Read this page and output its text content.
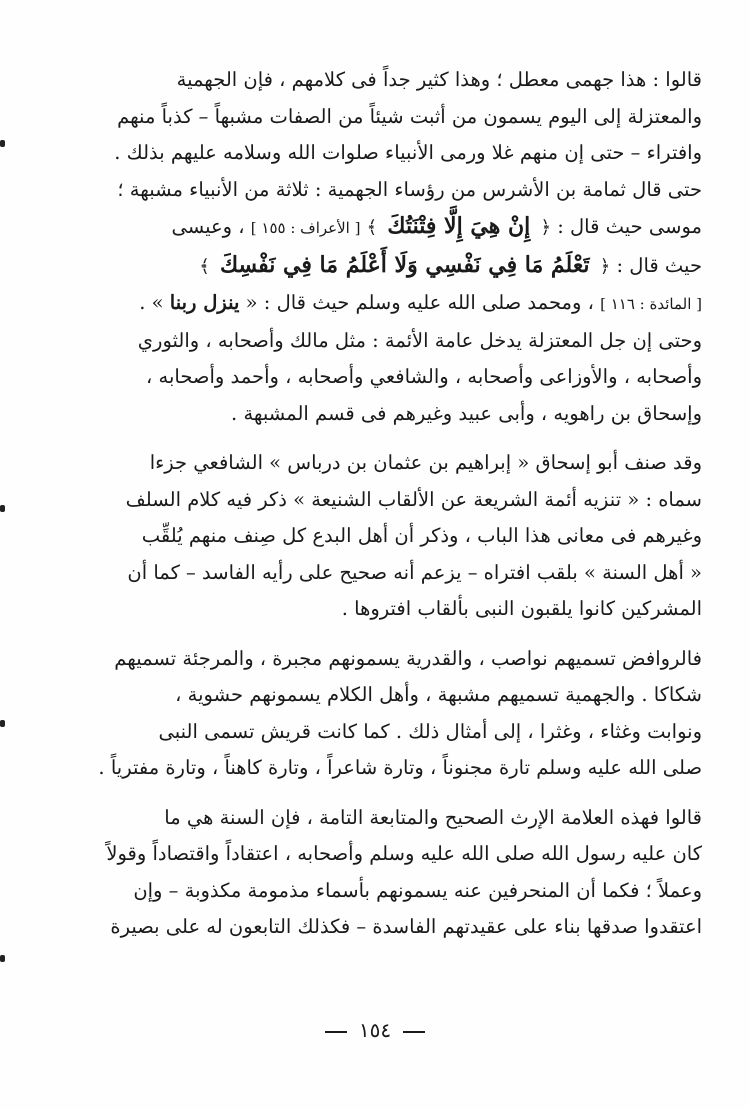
قالوا : هذا جهمى معطل ؛ وهذا كثير جداً فى كلامهم ، فإن الجهمية
والمعتزلة إلى اليوم يسمون من أثبت شيئاً من الصفات مشبهاً – كذباً منهم
وافتراء – حتى إن منهم غلا ورمى الأنبياء صلوات الله وسلامه عليهم بذلك .
حتى قال ثمامة بن الأشرس من رؤساء الجهمية : ثلاثة من الأنبياء مشبهة ؛
موسى حيث قال : ﴿ إِنْ هِيَ إِلَّا فِتْنَتُكَ ﴾ [ الأعراف : ١٥٥ ] ، وعيسى
حيث قال : ﴿ تَعْلَمُ مَا فِي نَفْسِي وَلَا أَعْلَمُ مَا فِي نَفْسِكَ ﴾
[ المائدة : ١١٦ ] ، ومحمد صلى الله عليه وسلم حيث قال : « ينزل ربنا » .
وحتى إن جل المعتزلة يدخل عامة الأئمة : مثل مالك وأصحابه ، والثوري
وأصحابه ، والأوزاعى وأصحابه ، والشافعي وأصحابه ، وأحمد وأصحابه ،
وإسحاق بن راهويه ، وأبى عبيد وغيرهم فى قسم المشبهة .

وقد صنف أبو إسحاق « إبراهيم بن عثمان بن درباس » الشافعي جزءا
سماه : « تنزيه أئمة الشريعة عن الألقاب الشنيعة » ذكر فيه كلام السلف
وغيرهم فى معانى هذا الباب ، وذكر أن أهل البدع كل صِنف منهم يُلقِّب
« أهل السنة » بلقب افتراه – يزعم أنه صحيح على رأيه الفاسد – كما أن
المشركين كانوا يلقبون النبى بألقاب افتروها .

فالروافض تسميهم نواصب ، والقدرية يسمونهم مجبرة ، والمرجئة تسميهم
شكاكا . والجهمية تسميهم مشبهة ، وأهل الكلام يسمونهم حشوية ،
ونوابت وغثاء ، وغثرا ، إلى أمثال ذلك . كما كانت قريش تسمى النبى
صلى الله عليه وسلم تارة مجنوناً ، وتارة شاعراً ، وتارة كاهناً ، وتارة مفترياً .

قالوا فهذه العلامة الإرث الصحيح والمتابعة التامة ، فإن السنة هي ما
كان عليه رسول الله صلى الله عليه وسلم وأصحابه ، اعتقاداً واقتصاداً وقولاً
وعملاً ؛ فكما أن المنحرفين عنه يسمونهم بأسماء مذمومة مكذوبة – وإن
اعتقدوا صدقها بناء على عقيدتهم الفاسدة – فكذلك التابعون له على بصيرة

١٥٤
